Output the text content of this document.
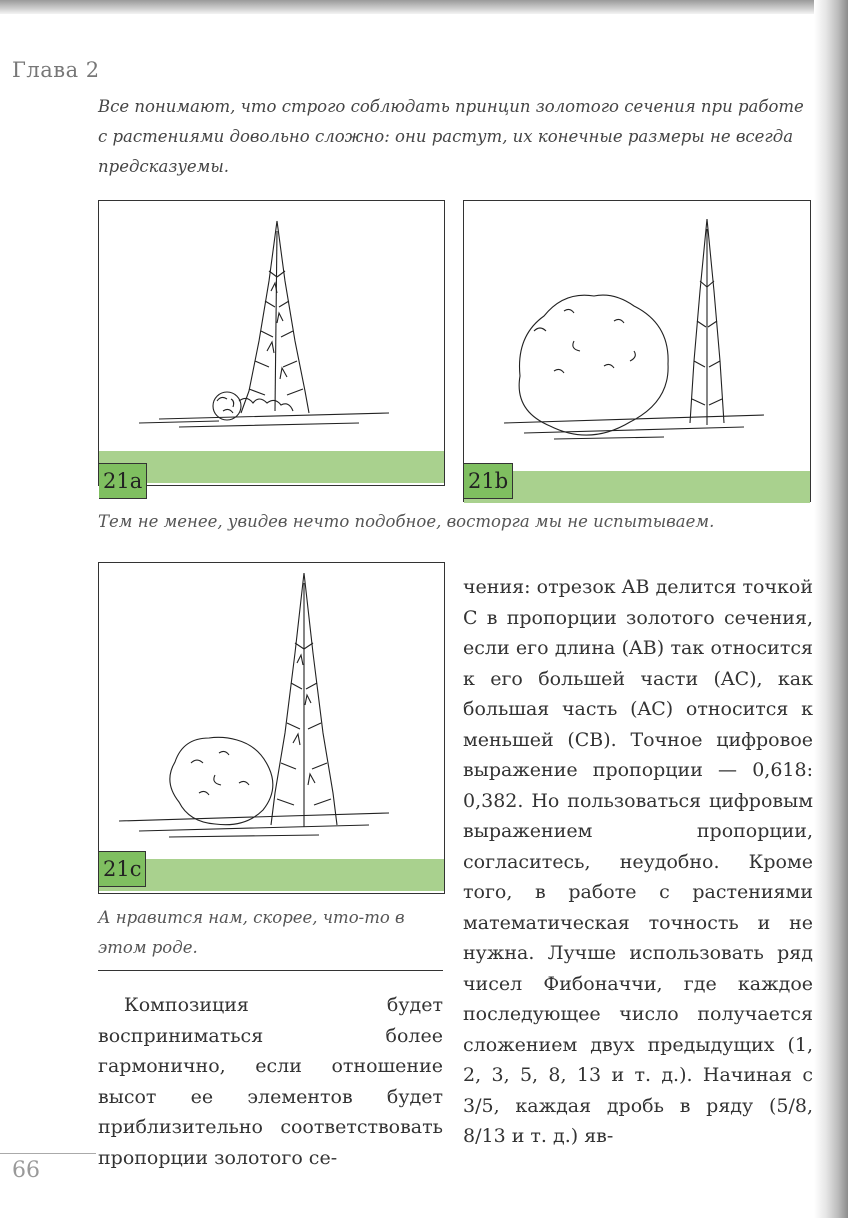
Глава 2
Все понимают, что строго соблюдать принцип золотого сечения при работе с растениями довольно сложно: они растут, их конечные размеры не всегда предсказуемы.
21a	21b
Тем не менее, увидев нечто подобное, восторга мы не испытываем.
21c
А нравится нам, скорее, что-то в этом роде.

Композиция будет восприниматься более гармонично, если отношение высот ее элементов будет приблизительно соответствовать пропорции золотого се-

чения: отрезок AB делится точкой C в пропорции золотого сечения, если его длина (AB) так относится к его большей части (AC), как большая часть (AC) относится к меньшей (CB). Точное цифровое выражение пропорции — 0,618: 0,382. Но пользоваться цифровым выражением пропорции, согласитесь, неудобно. Кроме того, в работе с растениями математическая точность и не нужна. Лучше использовать ряд чисел Фибоначчи, где каждое последующее число получается сложением двух предыдущих (1, 2, 3, 5, 8, 13 и т. д.). Начиная с 3/5, каждая дробь в ряду (5/8, 8/13 и т. д.) яв-

66
